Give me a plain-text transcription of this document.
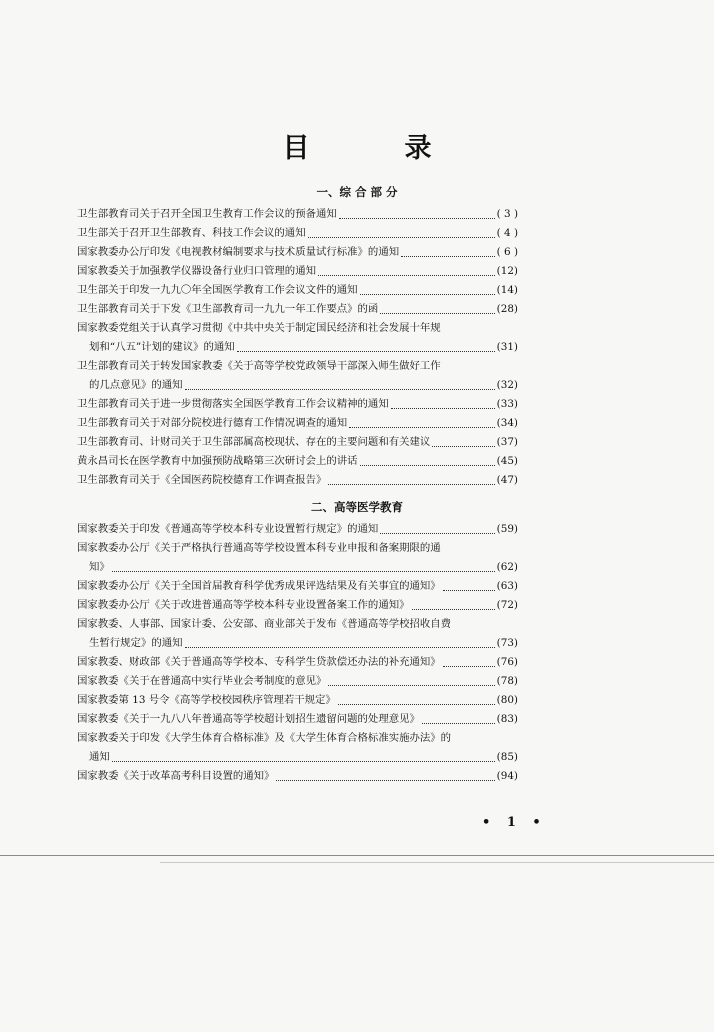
目　录
一、综 合 部 分
卫生部教育司关于召开全国卫生教育工作会议的预备通知	( 3 )
卫生部关于召开卫生部教育、科技工作会议的通知	( 4 )
国家教委办公厅印发《电视教材编制要求与技术质量试行标准》的通知	( 6 )
国家教委关于加强教学仪器设备行业归口管理的通知	(12)
卫生部关于印发一九九〇年全国医学教育工作会议文件的通知	(14)
卫生部教育司关于下发《卫生部教育司一九九一年工作要点》的函	(28)
国家教委党组关于认真学习贯彻《中共中央关于制定国民经济和社会发展十年规
划和“八五”计划的建议》的通知	(31)
卫生部教育司关于转发国家教委《关于高等学校党政领导干部深入师生做好工作
的几点意见》的通知	(32)
卫生部教育司关于进一步贯彻落实全国医学教育工作会议精神的通知	(33)
卫生部教育司关于对部分院校进行德育工作情况调查的通知	(34)
卫生部教育司、计财司关于卫生部部属高校现状、存在的主要问题和有关建议	(37)
黄永昌司长在医学教育中加强预防战略第三次研讨会上的讲话	(45)
卫生部教育司关于《全国医药院校德育工作调查报告》	(47)
二、高等医学教育
国家教委关于印发《普通高等学校本科专业设置暂行规定》的通知	(59)
国家教委办公厅《关于严格执行普通高等学校设置本科专业申报和备案期限的通
知》	(62)
国家教委办公厅《关于全国首届教育科学优秀成果评选结果及有关事宜的通知》	(63)
国家教委办公厅《关于改进普通高等学校本科专业设置备案工作的通知》	(72)
国家教委、人事部、国家计委、公安部、商业部关于发布《普通高等学校招收自费
生暂行规定》的通知	(73)
国家教委、财政部《关于普通高等学校本、专科学生贷款偿还办法的补充通知》	(76)
国家教委《关于在普通高中实行毕业会考制度的意见》	(78)
国家教委第 13 号令《高等学校校园秩序管理若干规定》	(80)
国家教委《关于一九八八年普通高等学校超计划招生遗留问题的处理意见》	(83)
国家教委关于印发《大学生体育合格标准》及《大学生体育合格标准实施办法》的
通知	(85)
国家教委《关于改革高考科目设置的通知》	(94)
• 1 •
